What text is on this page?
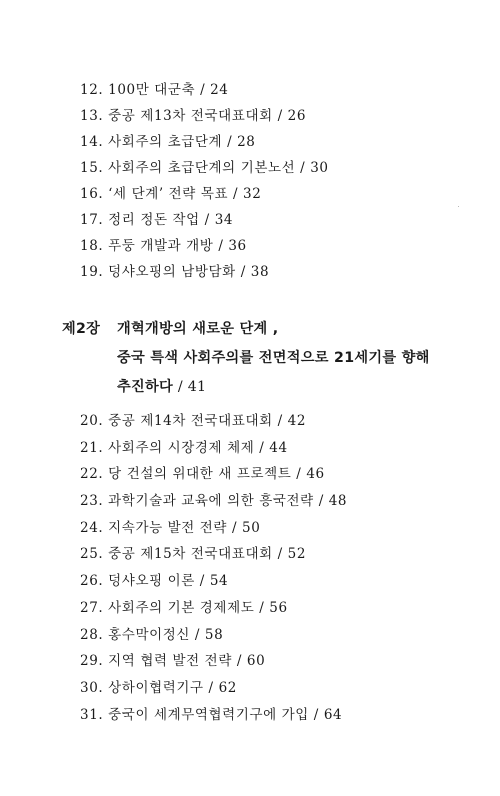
12. 100만 대군축 / 24
13. 중공 제13차 전국대표대회 / 26
14. 사회주의 초급단계 / 28
15. 사회주의 초급단계의 기본노선 / 30
16. ‘세 단계’ 전략 목표 / 32
17. 정리 정돈 작업 / 34
18. 푸둥 개발과 개방 / 36
19. 덩샤오핑의 남방담화 / 38
제2장 개혁개방의 새로운 단계 ,
중국 특색 사회주의를 전면적으로 21세기를 향해
추진하다 / 41
20. 중공 제14차 전국대표대회 / 42
21. 사회주의 시장경제 체제 / 44
22. 당 건설의 위대한 새 프로젝트 / 46
23. 과학기술과 교육에 의한 흥국전략 / 48
24. 지속가능 발전 전략 / 50
25. 중공 제15차 전국대표대회 / 52
26. 덩샤오핑 이론 / 54
27. 사회주의 기본 경제제도 / 56
28. 홍수막이정신 / 58
29. 지역 협력 발전 전략 / 60
30. 상하이협력기구 / 62
31. 중국이 세계무역협력기구에 가입 / 64
